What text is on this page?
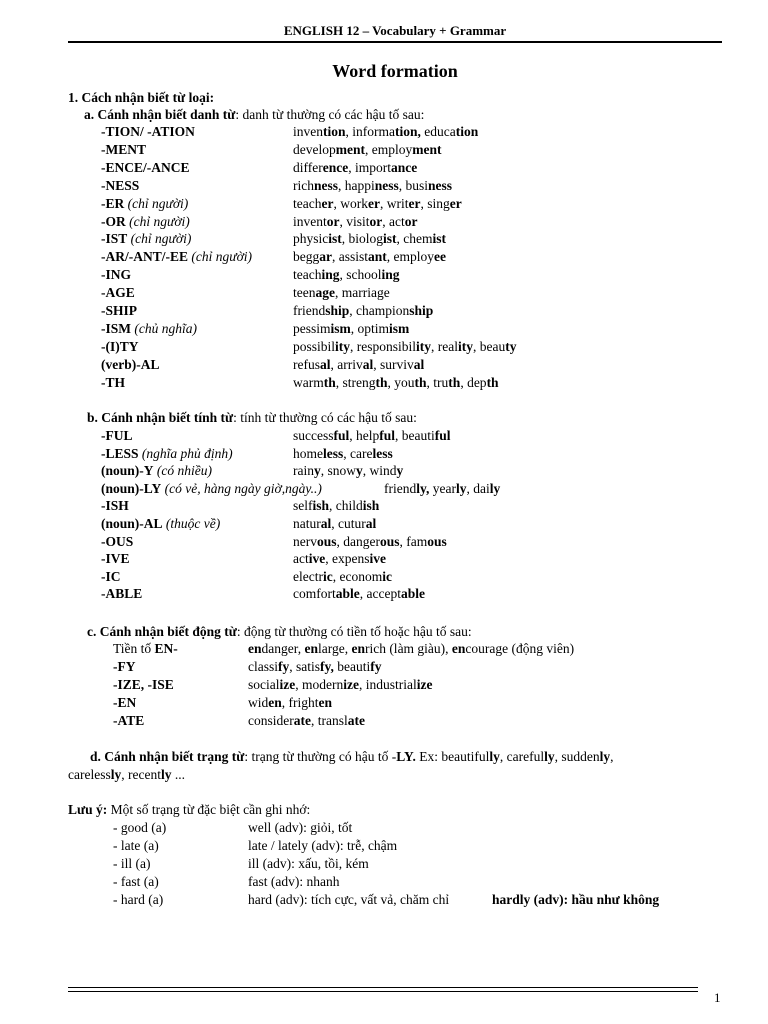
ENGLISH 12 – Vocabulary + Grammar
Word formation
1. Cách nhận biết từ loại:
a. Cánh nhận biết danh từ: danh từ thường có các hậu tố sau:
-TION/ -ATION	invention, information, education
-MENT	development, employment
-ENCE/-ANCE	difference, importance
-NESS	richness, happiness, business
-ER (chỉ người)	teacher, worker, writer, singer
-OR (chỉ người)	inventor, visitor, actor
-IST (chỉ người)	physicist, biologist, chemist
-AR/-ANT/-EE (chỉ người)	beggar, assistant, employee
-ING	teaching, schooling
-AGE	teenage, marriage
-SHIP	friendship, championship
-ISM (chủ nghĩa)	pessimism, optimism
-(I)TY	possibility, responsibility, reality, beauty
(verb)-AL	refusal, arrival, survival
-TH	warmth, strength, youth, truth, depth
b. Cánh nhận biết tính từ: tính từ thường có các hậu tố sau:
-FUL	successful, helpful, beautiful
-LESS (nghĩa phủ định)	homeless, careless
(noun)-Y (có nhiều)	rainy, snowy, windy
(noun)-LY (có vẻ, hàng ngày giờ,ngày..)	friendly, yearly, daily
-ISH	selfish, childish
(noun)-AL (thuộc về)	natural, cutural
-OUS	nervous, dangerous, famous
-IVE	active, expensive
-IC	electric, economic
-ABLE	comfortable, acceptable
c. Cánh nhận biết động từ: động từ thường có tiền tố hoặc hậu tố sau:
Tiền tố EN-	endanger, enlarge, enrich (làm giàu), encourage (động viên)
-FY	classify, satisfy, beautify
-IZE, -ISE	socialize, modernize, industrialize
-EN	widen, frighten
-ATE	considerate, translate
d. Cánh nhận biết trạng từ: trạng từ thường có hậu tố -LY. Ex: beautifully, carefully, suddenly,
carelessly, recently ...
Lưu ý: Một số trạng từ đặc biệt cần ghi nhớ:
- good (a)	well (adv): giỏi, tốt
- late (a)	late / lately (adv): trễ, chậm
- ill (a)	ill (adv): xấu, tồi, kém
- fast (a)	fast (adv): nhanh
- hard (a)	hard (adv): tích cực, vất vả, chăm chỉ	hardly (adv): hầu như không
1
